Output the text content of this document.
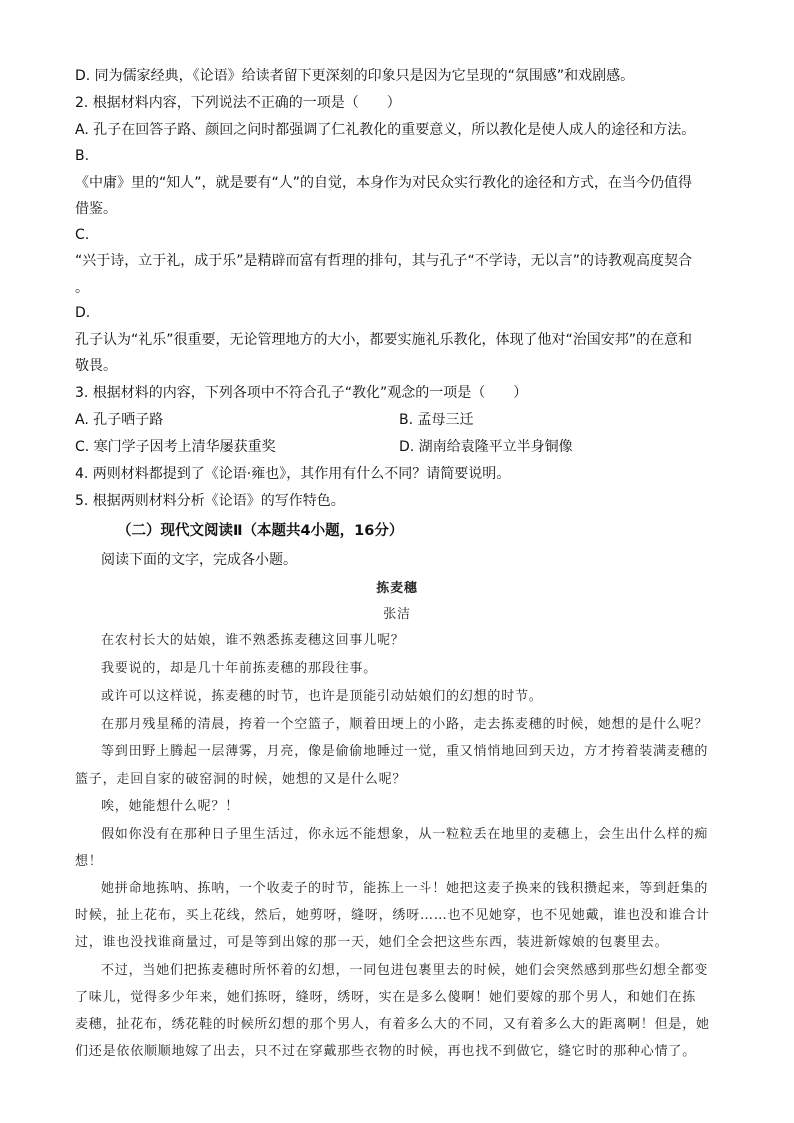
D. 同为儒家经典，《论语》给读者留下更深刻的印象只是因为它呈现的“氛围感”和戏剧感。
2. 根据材料内容，下列说法不正确的一项是（　　）
A. 孔子在回答子路、颜回之问时都强调了仁礼教化的重要意义，所以教化是使人成人的途径和方法。
B.
《中庸》里的“知人”，就是要有“人”的自觉，本身作为对民众实行教化的途径和方式，在当今仍值得
借鉴。
C.
“兴于诗，立于礼，成于乐”是精辟而富有哲理的排句，其与孔子“不学诗，无以言”的诗教观高度契合
。
D.
孔子认为“礼乐”很重要，无论管理地方的大小，都要实施礼乐教化，体现了他对“治国安邦”的在意和
敬畏。
3. 根据材料的内容，下列各项中不符合孔子“教化”观念的一项是（　　）
A. 孔子哂子路	B. 孟母三迁
C. 寒门学子因考上清华屡获重奖	D. 湖南给袁隆平立半身铜像
4. 两则材料都提到了《论语·雍也》，其作用有什么不同？请简要说明。
5. 根据两则材料分析《论语》的写作特色。
（二）现代文阅读Ⅱ（本题共4小题，16分）
阅读下面的文字，完成各小题。
拣麦穗
张洁
在农村长大的姑娘，谁不熟悉拣麦穗这回事儿呢？
我要说的，却是几十年前拣麦穗的那段往事。
或许可以这样说，拣麦穗的时节，也许是顶能引动姑娘们的幻想的时节。
在那月残星稀的清晨，挎着一个空篮子，顺着田埂上的小路，走去拣麦穗的时候，她想的是什么呢？
等到田野上腾起一层薄雾，月亮，像是偷偷地睡过一觉，重又悄悄地回到天边，方才挎着装满麦穗的
篮子，走回自家的破窑洞的时候，她想的又是什么呢？
唉，她能想什么呢？！
假如你没有在那种日子里生活过，你永远不能想象，从一粒粒丢在地里的麦穗上，会生出什么样的痴
想！
她拼命地拣呐、拣呐，一个收麦子的时节，能拣上一斗！她把这麦子换来的钱积攒起来，等到赶集的
时候，扯上花布，买上花线，然后，她剪呀，缝呀，绣呀……也不见她穿，也不见她戴，谁也没和谁合计
过，谁也没找谁商量过，可是等到出嫁的那一天，她们全会把这些东西，装进新嫁娘的包裹里去。
不过，当她们把拣麦穗时所怀着的幻想，一同包进包裹里去的时候，她们会突然感到那些幻想全都变
了味儿，觉得多少年来，她们拣呀，缝呀，绣呀，实在是多么傻啊！她们要嫁的那个男人，和她们在拣
麦穗，扯花布，绣花鞋的时候所幻想的那个男人，有着多么大的不同，又有着多么大的距离啊！但是，她
们还是依依顺顺地嫁了出去，只不过在穿戴那些衣物的时候，再也找不到做它，缝它时的那种心情了。
